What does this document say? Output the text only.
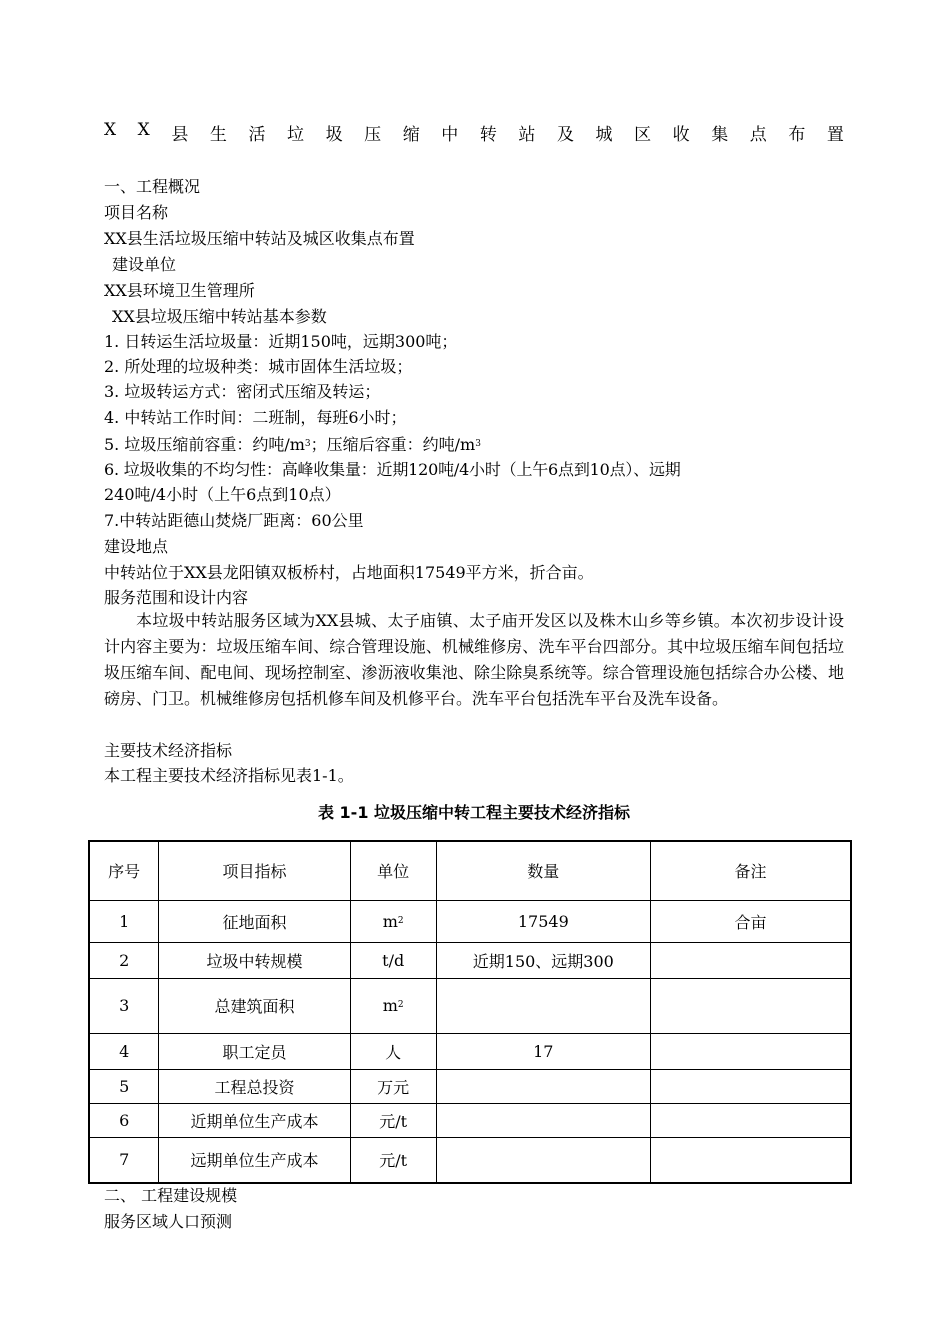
X X 县 生 活 垃 圾 压 缩 中 转 站 及 城 区 收 集 点 布 置
一、工程概况
项目名称
XX县生活垃圾压缩中转站及城区收集点布置
建设单位
XX县环境卫生管理所
XX县垃圾压缩中转站基本参数
1. 日转运生活垃圾量：近期150吨，远期300吨；
2. 所处理的垃圾种类：城市固体生活垃圾；
3. 垃圾转运方式：密闭式压缩及转运；
4. 中转站工作时间：二班制，每班6小时；
5. 垃圾压缩前容重：约吨$/m^3$；压缩后容重：约吨$/m^3$
6. 垃圾收集的不均匀性：高峰收集量：近期120吨/4小时（上午6点到10点）、远期
240吨/4小时（上午6点到10点）
7.中转站距德山焚烧厂距离：60公里
建设地点
中转站位于XX县龙阳镇双板桥村，占地面积17549平方米，折合亩。
服务范围和设计内容

本垃圾中转站服务区域为XX县城、太子庙镇、太子庙开发区以及株木山乡等乡镇。本次初步设计设计内容主要为：垃圾压缩车间、综合管理设施、机械维修房、洗车平台四部分。其中垃圾压缩车间包括垃圾压缩车间、配电间、现场控制室、渗沥液收集池、除尘除臭系统等。综合管理设施包括综合办公楼、地磅房、门卫。机械维修房包括机修车间及机修平台。洗车平台包括洗车平台及洗车设备。

主要技术经济指标
本工程主要技术经济指标见表1-1。
表 1-1 垃圾压缩中转工程主要技术经济指标
序号	项目指标	单位	数量	备注
1	征地面积	$m^2$	17549	合亩
2	垃圾中转规模	t/d	近期150、远期300	
3	总建筑面积	$m^2$		
4	职工定员	人	17	
5	工程总投资	万元		
6	近期单位生产成本	元/t		
7	远期单位生产成本	元/t		
二、 工程建设规模
服务区域人口预测
